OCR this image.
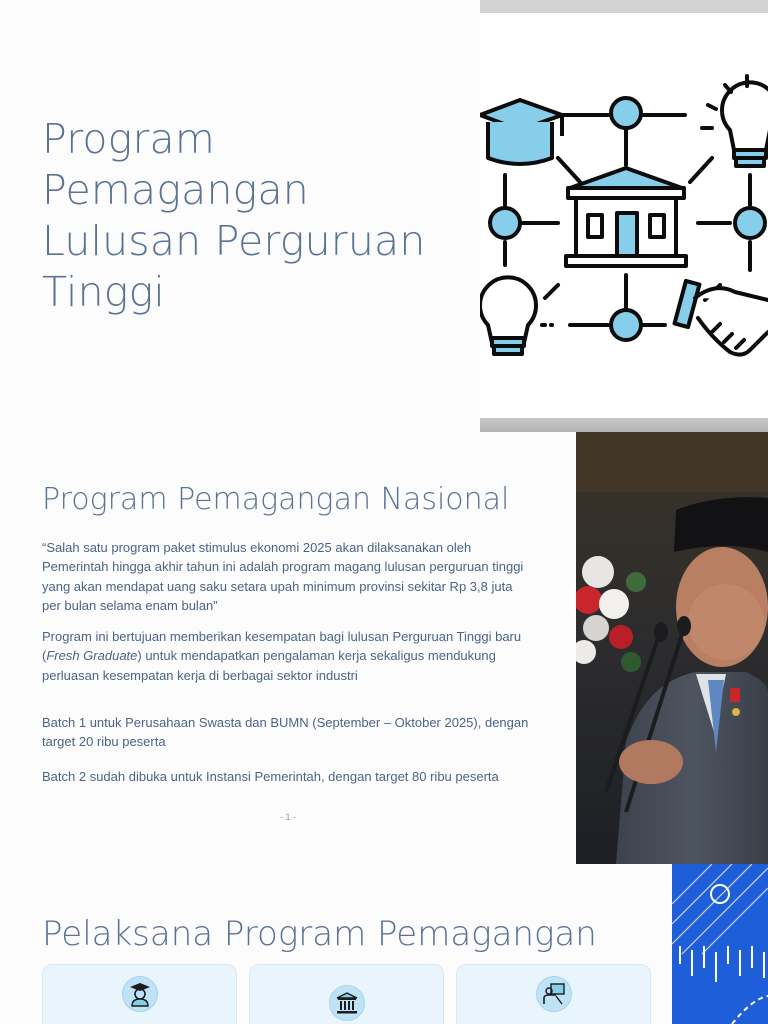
Program Pemagangan Lulusan Perguruan Tinggi
Program Pemagangan Nasional

“Salah satu program paket stimulus ekonomi 2025 akan dilaksanakan oleh Pemerintah hingga akhir tahun ini adalah program magang lulusan perguruan tinggi yang akan mendapat uang saku setara upah minimum provinsi sekitar Rp 3,8 juta per bulan selama enam bulan”

Program ini bertujuan memberikan kesempatan bagi lulusan Perguruan Tinggi baru (Fresh Graduate) untuk mendapatkan pengalaman kerja sekaligus mendukung perluasan kesempatan kerja di berbagai sektor industri

Batch 1 untuk Perusahaan Swasta dan BUMN (September – Oktober 2025), dengan target 20 ribu peserta

Batch 2 sudah dibuka untuk Instansi Pemerintah, dengan target 80 ribu peserta

- 1 -
Pelaksana Program Pemagangan
